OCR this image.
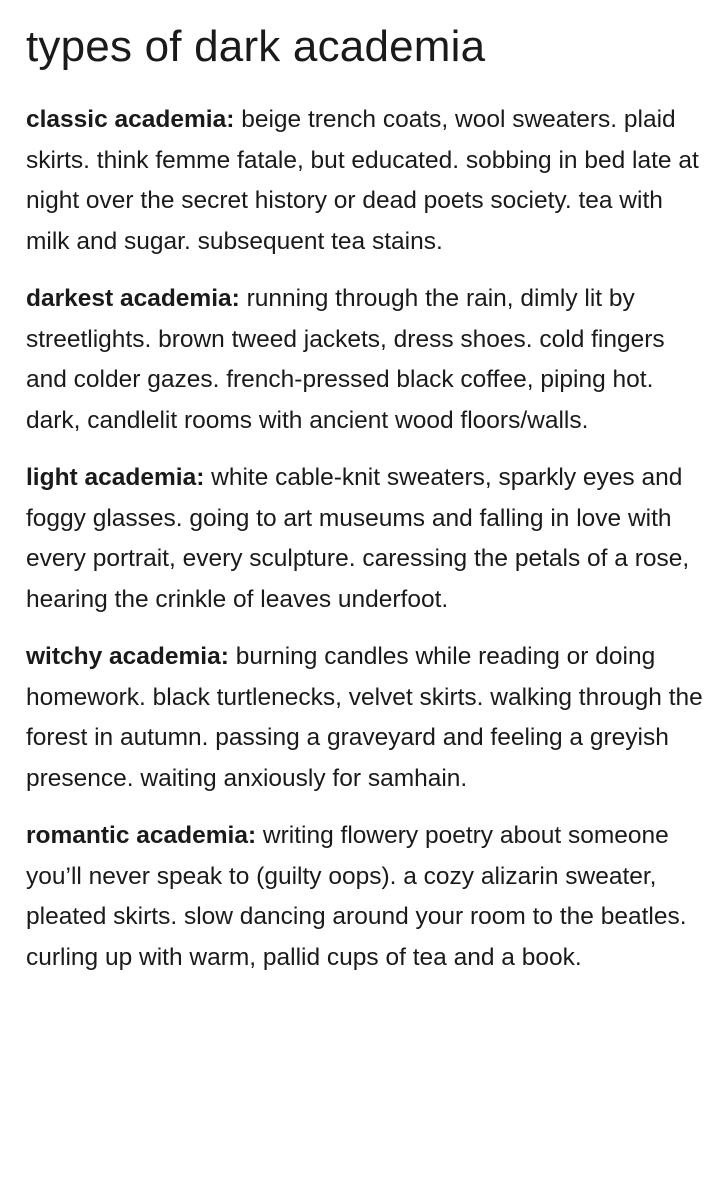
types of dark academia

classic academia: beige trench coats, wool sweaters. plaid skirts. think femme fatale, but educated. sobbing in bed late at night over the secret history or dead poets society. tea with milk and sugar. subsequent tea stains.

darkest academia: running through the rain, dimly lit by streetlights. brown tweed jackets, dress shoes. cold fingers and colder gazes. french-pressed black coffee, piping hot. dark, candlelit rooms with ancient wood floors/walls.

light academia: white cable-knit sweaters, sparkly eyes and foggy glasses. going to art museums and falling in love with every portrait, every sculpture. caressing the petals of a rose, hearing the crinkle of leaves underfoot.

witchy academia: burning candles while reading or doing homework. black turtlenecks, velvet skirts. walking through the forest in autumn. passing a graveyard and feeling a greyish presence. waiting anxiously for samhain.

romantic academia: writing flowery poetry about someone you’ll never speak to (guilty oops). a cozy alizarin sweater, pleated skirts. slow dancing around your room to the beatles. curling up with warm, pallid cups of tea and a book.
